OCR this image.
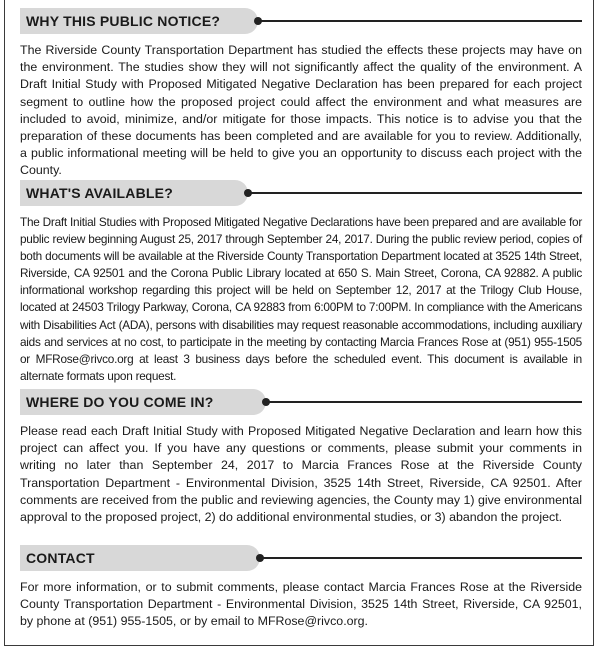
WHY THIS PUBLIC NOTICE?

The Riverside County Transportation Department has studied the effects these projects may have on the environment. The studies show they will not significantly affect the quality of the environment. A Draft Initial Study with Proposed Mitigated Negative Declaration has been prepared for each project segment to outline how the proposed project could affect the environment and what measures are included to avoid, minimize, and/or mitigate for those impacts. This notice is to advise you that the preparation of these documents has been completed and are available for you to review. Additionally, a public informational meeting will be held to give you an opportunity to discuss each project with the County.

WHAT'S AVAILABLE?

The Draft Initial Studies with Proposed Mitigated Negative Declarations have been prepared and are available for public review beginning August 25, 2017 through September 24, 2017. During the public review period, copies of both documents will be available at the Riverside County Transportation Department located at 3525 14th Street, Riverside, CA 92501 and the Corona Public Library located at 650 S. Main Street, Corona, CA 92882. A public informational workshop regarding this project will be held on September 12, 2017 at the Trilogy Club House, located at 24503 Trilogy Parkway, Corona, CA 92883 from 6:00PM to 7:00PM. In compliance with the Americans with Disabilities Act (ADA), persons with disabilities may request reasonable accommodations, including auxiliary aids and services at no cost, to participate in the meeting by contacting Marcia Frances Rose at (951) 955-1505 or MFRose@rivco.org at least 3 business days before the scheduled event. This document is available in alternate formats upon request.

WHERE DO YOU COME IN?

Please read each Draft Initial Study with Proposed Mitigated Negative Declaration and learn how this project can affect you. If you have any questions or comments, please submit your comments in writing no later than September 24, 2017 to Marcia Frances Rose at the Riverside County Transportation Department - Environmental Division, 3525 14th Street, Riverside, CA 92501. After comments are received from the public and reviewing agencies, the County may 1) give environmental approval to the proposed project, 2) do additional environmental studies, or 3) abandon the project.

CONTACT

For more information, or to submit comments, please contact Marcia Frances Rose at the Riverside County Transportation Department - Environmental Division, 3525 14th Street, Riverside, CA 92501, by phone at (951) 955-1505, or by email to MFRose@rivco.org.
